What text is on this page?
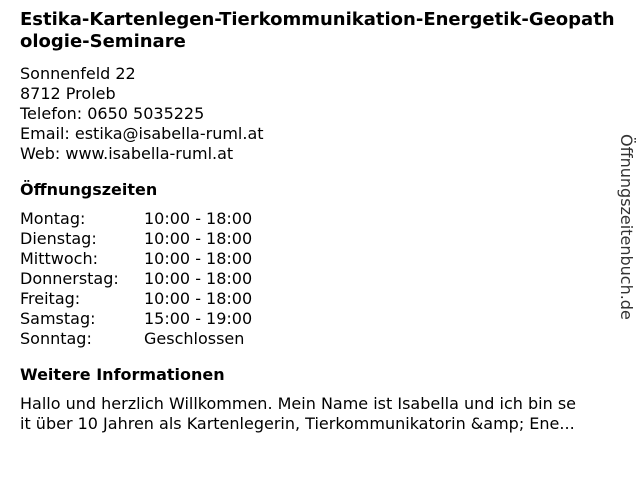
Estika-Kartenlegen-Tierkommunikation-Energetik-Geopathologie-Seminare
Sonnenfeld 22
8712 Proleb
Telefon: 0650 5035225
Email: estika@isabella-ruml.at
Web: www.isabella-ruml.at
Öffnungszeiten
Montag:	10:00 - 18:00
Dienstag:	10:00 - 18:00
Mittwoch:	10:00 - 18:00
Donnerstag:	10:00 - 18:00
Freitag:	10:00 - 18:00
Samstag:	15:00 - 19:00
Sonntag:	Geschlossen
Weitere Informationen
Hallo und herzlich Willkommen. Mein Name ist Isabella und ich bin se
it über 10 Jahren als Kartenlegerin, Tierkommunikatorin &amp; Ene...
Öffnungszeitenbuch.de
